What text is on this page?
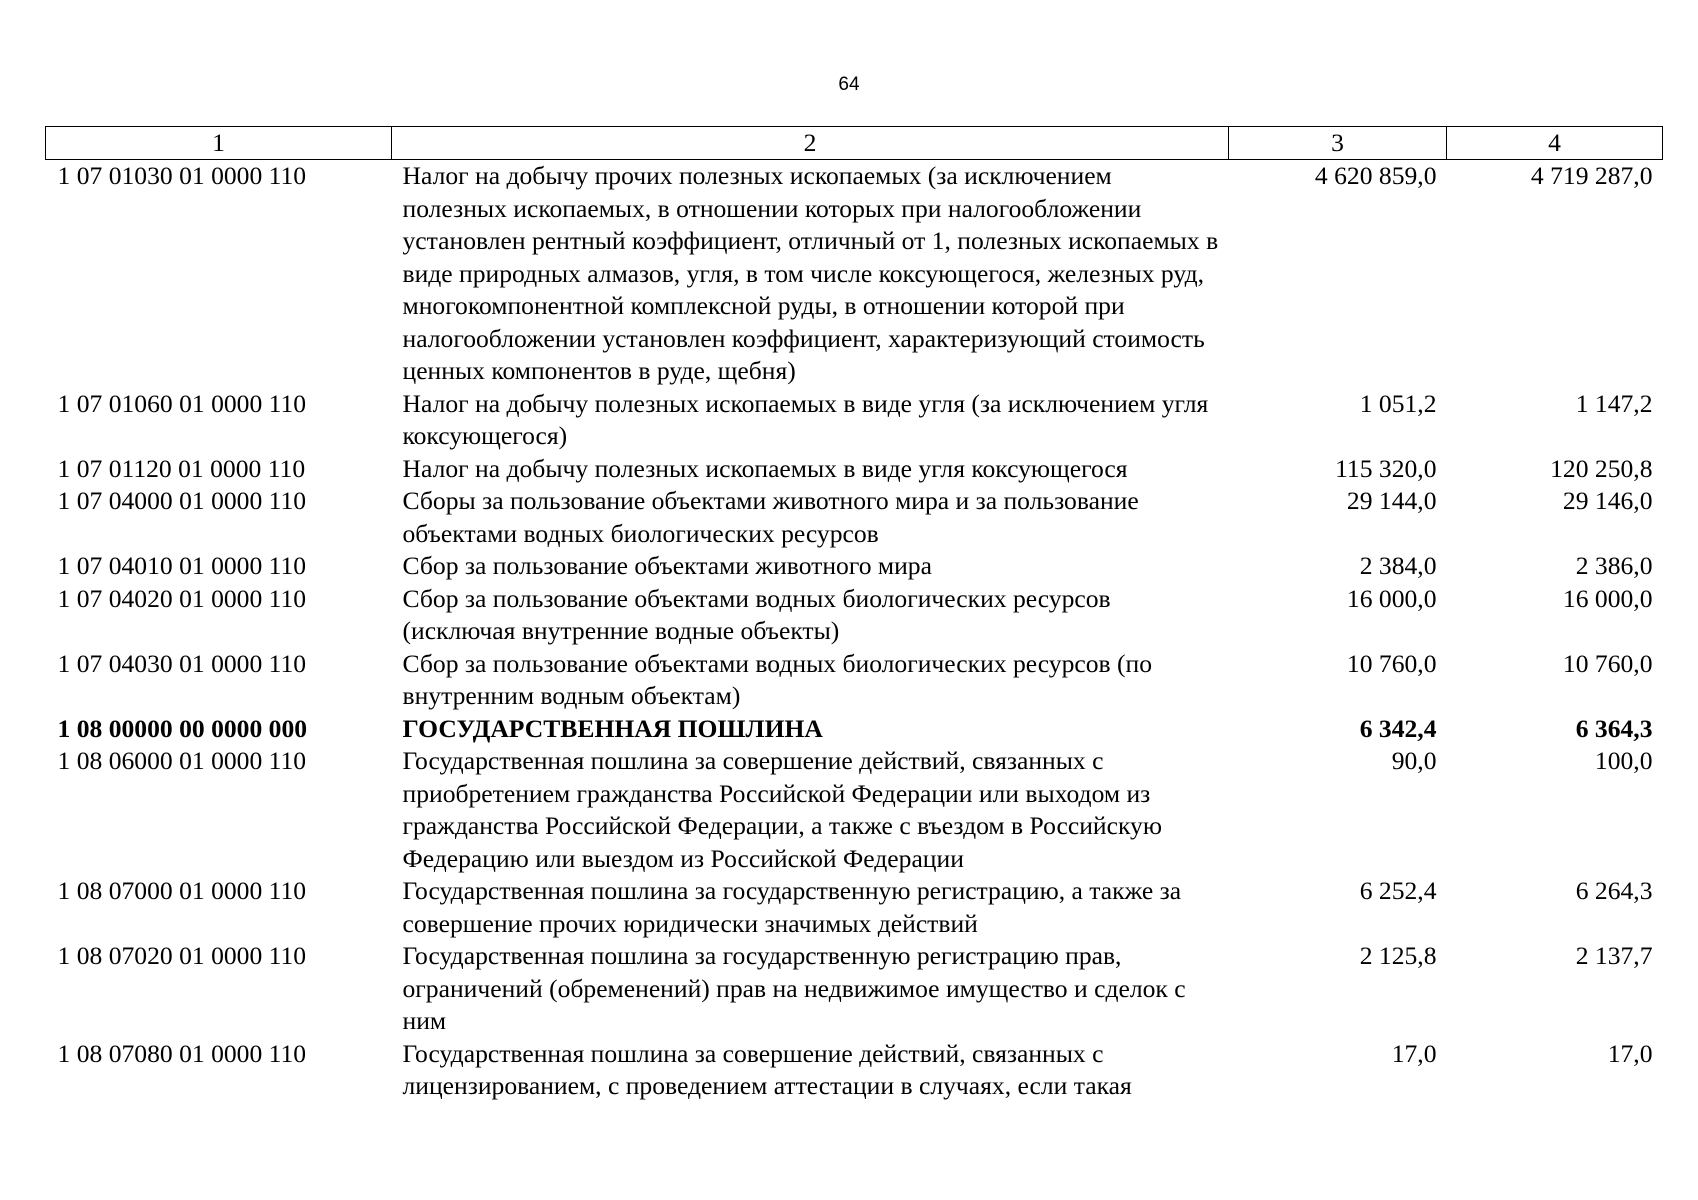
64
1	2	3	4
1 07 01030 01 0000 110	Налог на добычу прочих полезных ископаемых (за исключением полезных ископаемых, в отношении которых при налогообложении установлен рентный коэффициент, отличный от 1, полезных ископаемых в виде природных алмазов, угля, в том числе коксующегося, железных руд, многокомпонентной комплексной руды, в отношении которой при налогообложении установлен коэффициент, характеризующий стоимость ценных компонентов в руде, щебня)	4 620 859,0	4 719 287,0
1 07 01060 01 0000 110	Налог на добычу полезных ископаемых в виде угля (за исключением угля коксующегося)	1 051,2	1 147,2
1 07 01120 01 0000 110	Налог на добычу полезных ископаемых в виде угля коксующегося	115 320,0	120 250,8
1 07 04000 01 0000 110	Сборы за пользование объектами животного мира и за пользование объектами водных биологических ресурсов	29 144,0	29 146,0
1 07 04010 01 0000 110	Сбор за пользование объектами животного мира	2 384,0	2 386,0
1 07 04020 01 0000 110	Сбор за пользование объектами водных биологических ресурсов (исключая внутренние водные объекты)	16 000,0	16 000,0
1 07 04030 01 0000 110	Сбор за пользование объектами водных биологических ресурсов (по внутренним водным объектам)	10 760,0	10 760,0
1 08 00000 00 0000 000	ГОСУДАРСТВЕННАЯ ПОШЛИНА	6 342,4	6 364,3
1 08 06000 01 0000 110	Государственная пошлина за совершение действий, связанных с приобретением гражданства Российской Федерации или выходом из гражданства Российской Федерации, а также с въездом в Российскую Федерацию или выездом из Российской Федерации	90,0	100,0
1 08 07000 01 0000 110	Государственная пошлина за государственную регистрацию, а также за совершение прочих юридически значимых действий	6 252,4	6 264,3
1 08 07020 01 0000 110	Государственная пошлина за государственную регистрацию прав, ограничений (обременений) прав на недвижимое имущество и сделок с ним	2 125,8	2 137,7
1 08 07080 01 0000 110	Государственная пошлина за совершение действий, связанных с лицензированием, с проведением аттестации в случаях, если такая	17,0	17,0
